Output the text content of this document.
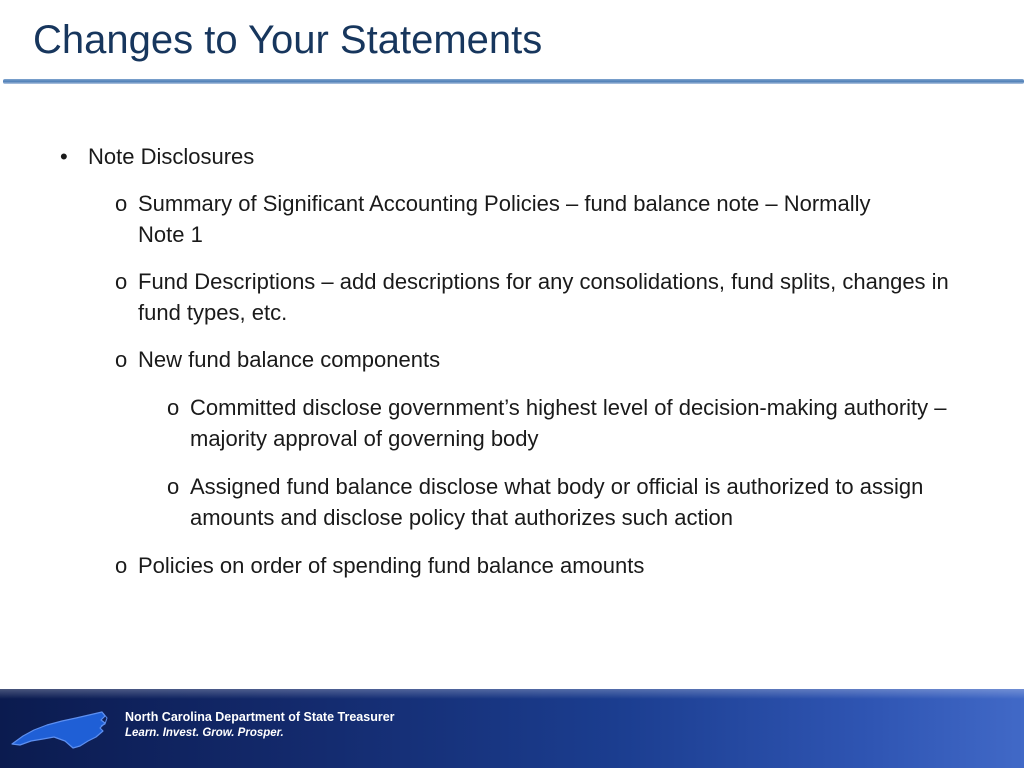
Changes to Your Statements
• Note Disclosures
o Summary of Significant Accounting Policies – fund balance note – Normally Note 1
o Fund Descriptions – add descriptions for any consolidations, fund splits, changes in fund types, etc.
o New fund balance components
o Committed disclose government’s highest level of decision-making authority – majority approval of governing body
o Assigned fund balance disclose what body or official is authorized to assign amounts and disclose policy that authorizes such action
o Policies on order of spending fund balance amounts
North Carolina Department of State Treasurer
Learn. Invest. Grow. Prosper.
